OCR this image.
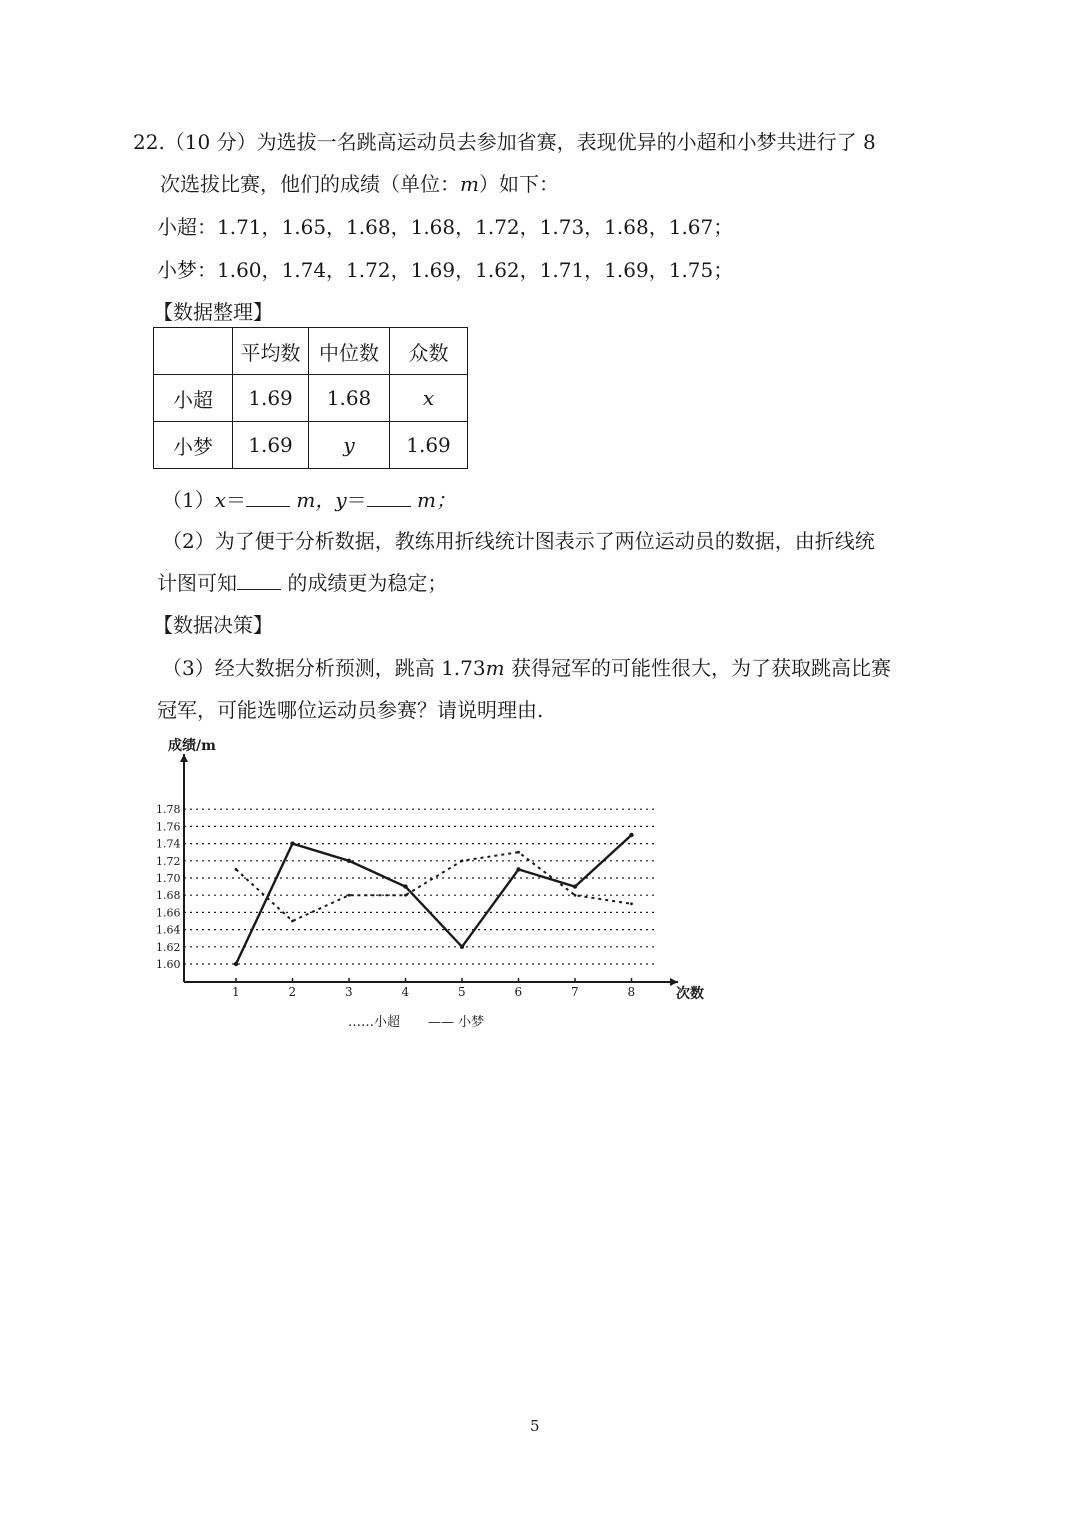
22.（10 分）为选拔一名跳高运动员去参加省赛，表现优异的小超和小梦共进行了 8
次选拔比赛，他们的成绩（单位：m）如下：
小超：1.71，1.65，1.68，1.68，1.72，1.73，1.68，1.67；
小梦：1.60，1.74，1.72，1.69，1.62，1.71，1.69，1.75；
【数据整理】
	平均数	中位数	众数
小超	1.69	1.68	x
小梦	1.69	y	1.69
（1）x＝	m，y＝	m；
（2）为了便于分析数据，教练用折线统计图表示了两位运动员的数据，由折线统
计图可知	的成绩更为稳定；
【数据决策】
（3）经大数据分析预测，跳高 1.73m 获得冠军的可能性很大，为了获取跳高比赛
冠军，可能选哪位运动员参赛？请说明理由.
1.60
1.62
1.64
1.66
1.68
1.70
1.72
1.74
1.76
1.78
1	2	3	4	5	6	7	8
成绩/m
次数
……小超 —— 小梦
5
